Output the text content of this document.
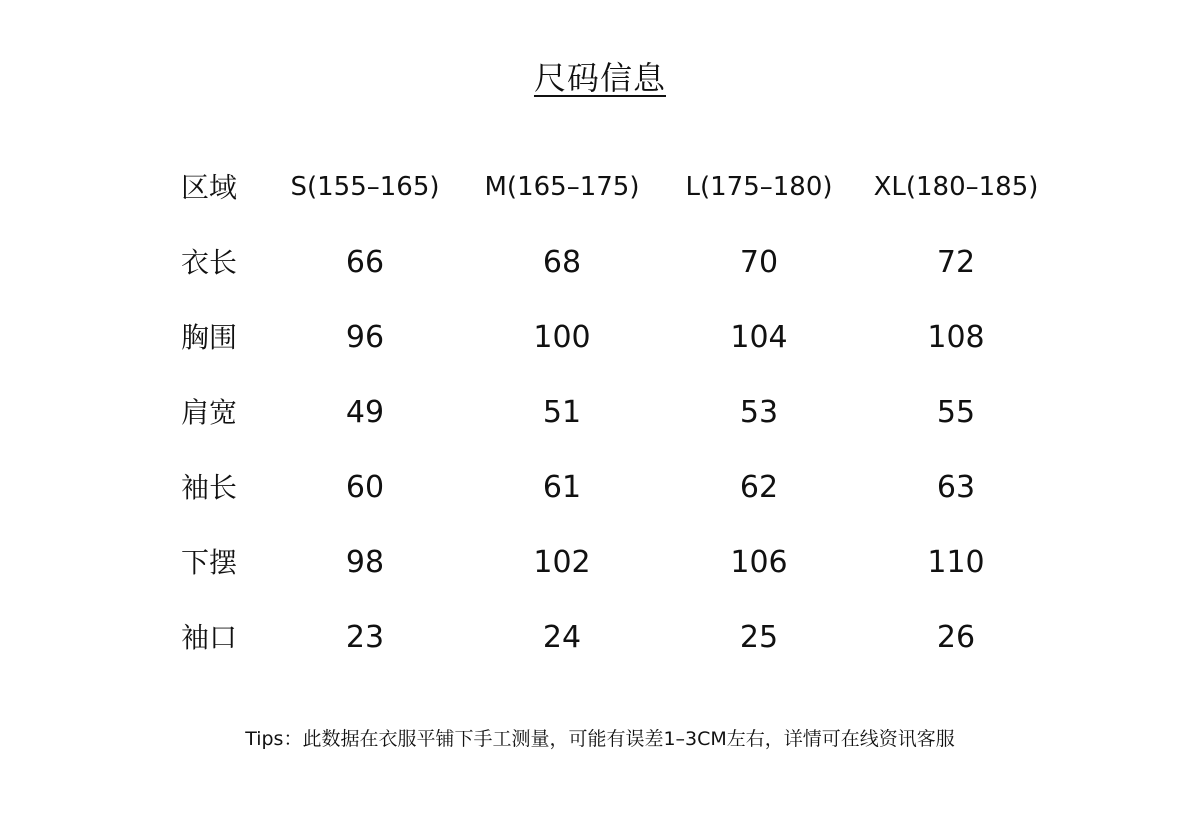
尺码信息
区域	S(155–165)	M(165–175)	L(175–180)	XL(180–185)
衣长	66	68	70	72
胸围	96	100	104	108
肩宽	49	51	53	55
袖长	60	61	62	63
下摆	98	102	106	110
袖口	23	24	25	26
Tips：此数据在衣服平铺下手工测量，可能有误差1–3CM左右，详情可在线资讯客服
